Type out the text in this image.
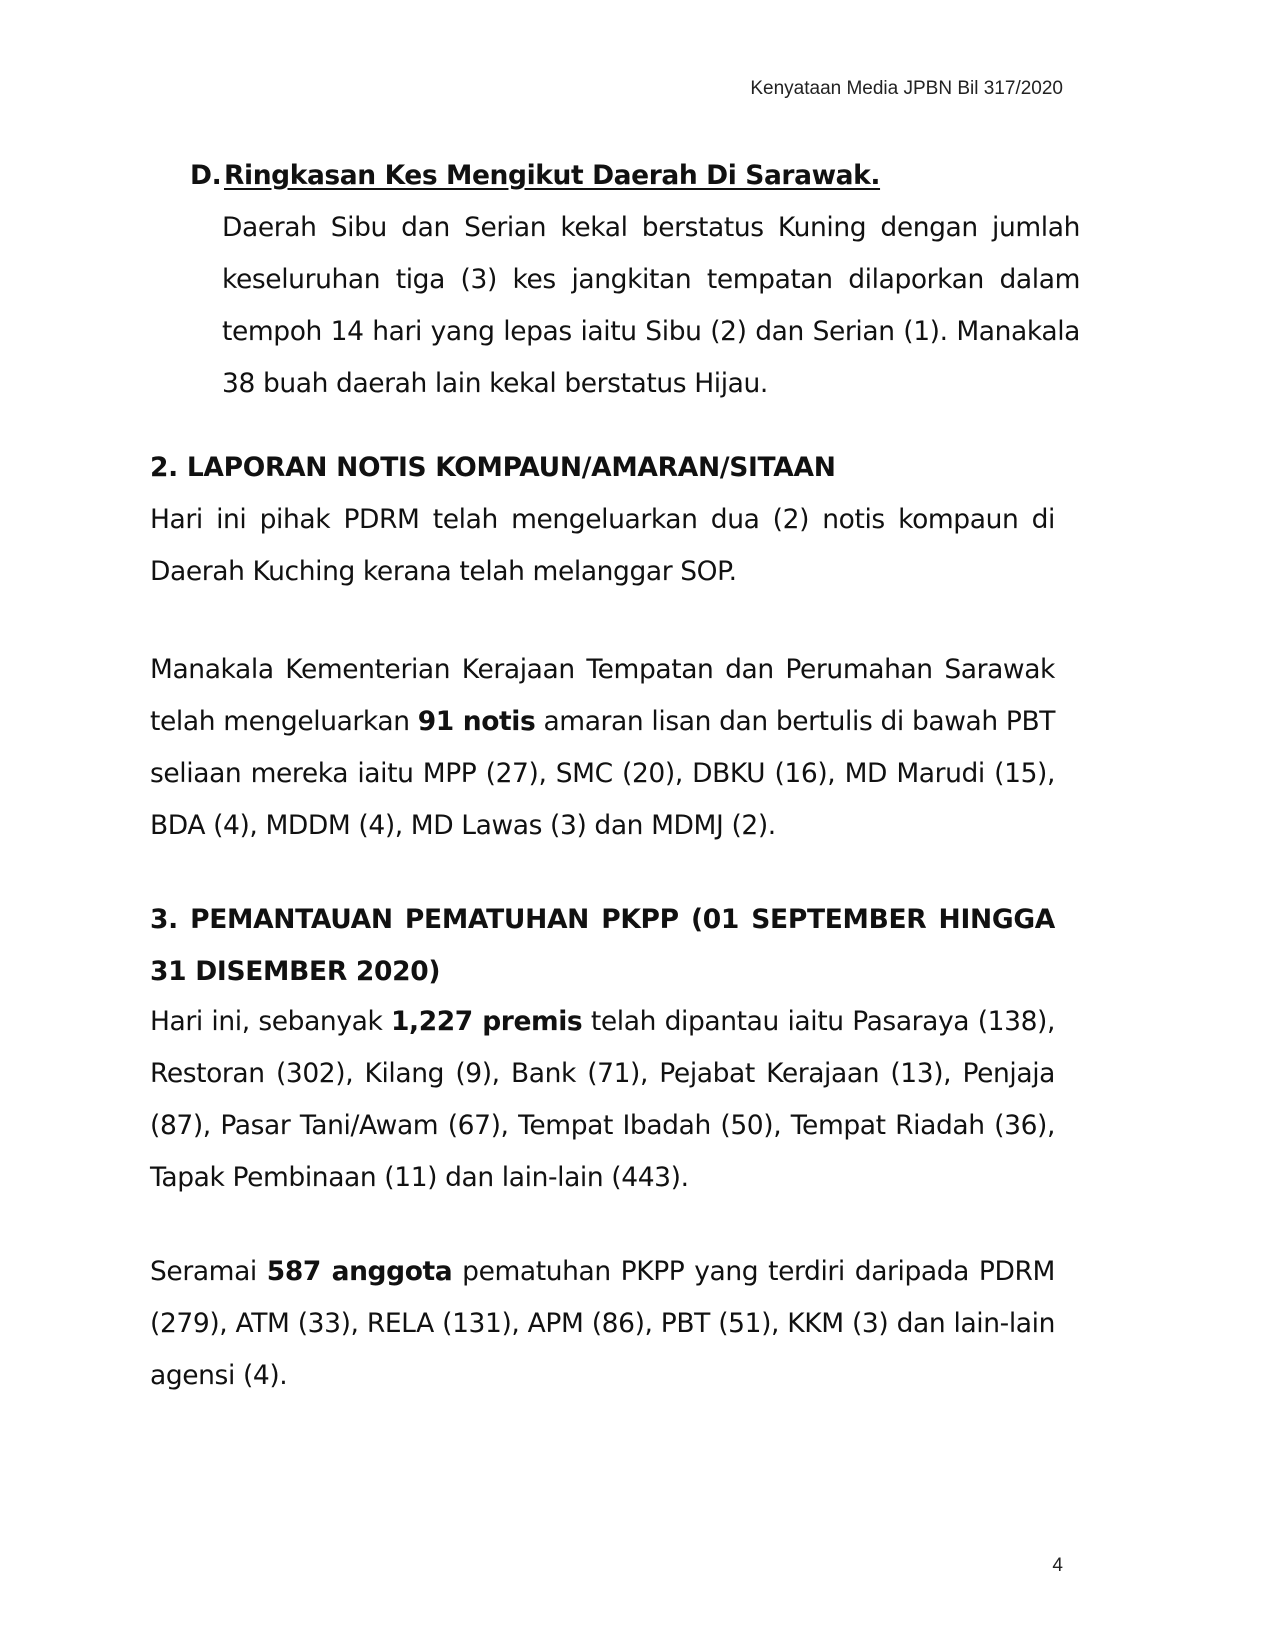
Kenyataan Media JPBN Bil 317/2020
D. Ringkasan Kes Mengikut Daerah Di Sarawak.
Daerah Sibu dan Serian kekal berstatus Kuning dengan jumlah
keseluruhan tiga (3) kes jangkitan tempatan dilaporkan dalam
tempoh 14 hari yang lepas iaitu Sibu (2) dan Serian (1). Manakala
38 buah daerah lain kekal berstatus Hijau.
2. LAPORAN NOTIS KOMPAUN/AMARAN/SITAAN
Hari ini pihak PDRM telah mengeluarkan dua (2) notis kompaun di
Daerah Kuching kerana telah melanggar SOP.
Manakala Kementerian Kerajaan Tempatan dan Perumahan Sarawak
telah mengeluarkan 91 notis amaran lisan dan bertulis di bawah PBT
seliaan mereka iaitu MPP (27), SMC (20), DBKU (16), MD Marudi (15),
BDA (4), MDDM (4), MD Lawas (3) dan MDMJ (2).
3. PEMANTAUAN PEMATUHAN PKPP (01 SEPTEMBER HINGGA
31 DISEMBER 2020)
Hari ini, sebanyak 1,227 premis telah dipantau iaitu Pasaraya (138),
Restoran (302), Kilang (9), Bank (71), Pejabat Kerajaan (13), Penjaja
(87), Pasar Tani/Awam (67), Tempat Ibadah (50), Tempat Riadah (36),
Tapak Pembinaan (11) dan lain-lain (443).
Seramai 587 anggota pematuhan PKPP yang terdiri daripada PDRM
(279), ATM (33), RELA (131), APM (86), PBT (51), KKM (3) dan lain-lain
agensi (4).
4
